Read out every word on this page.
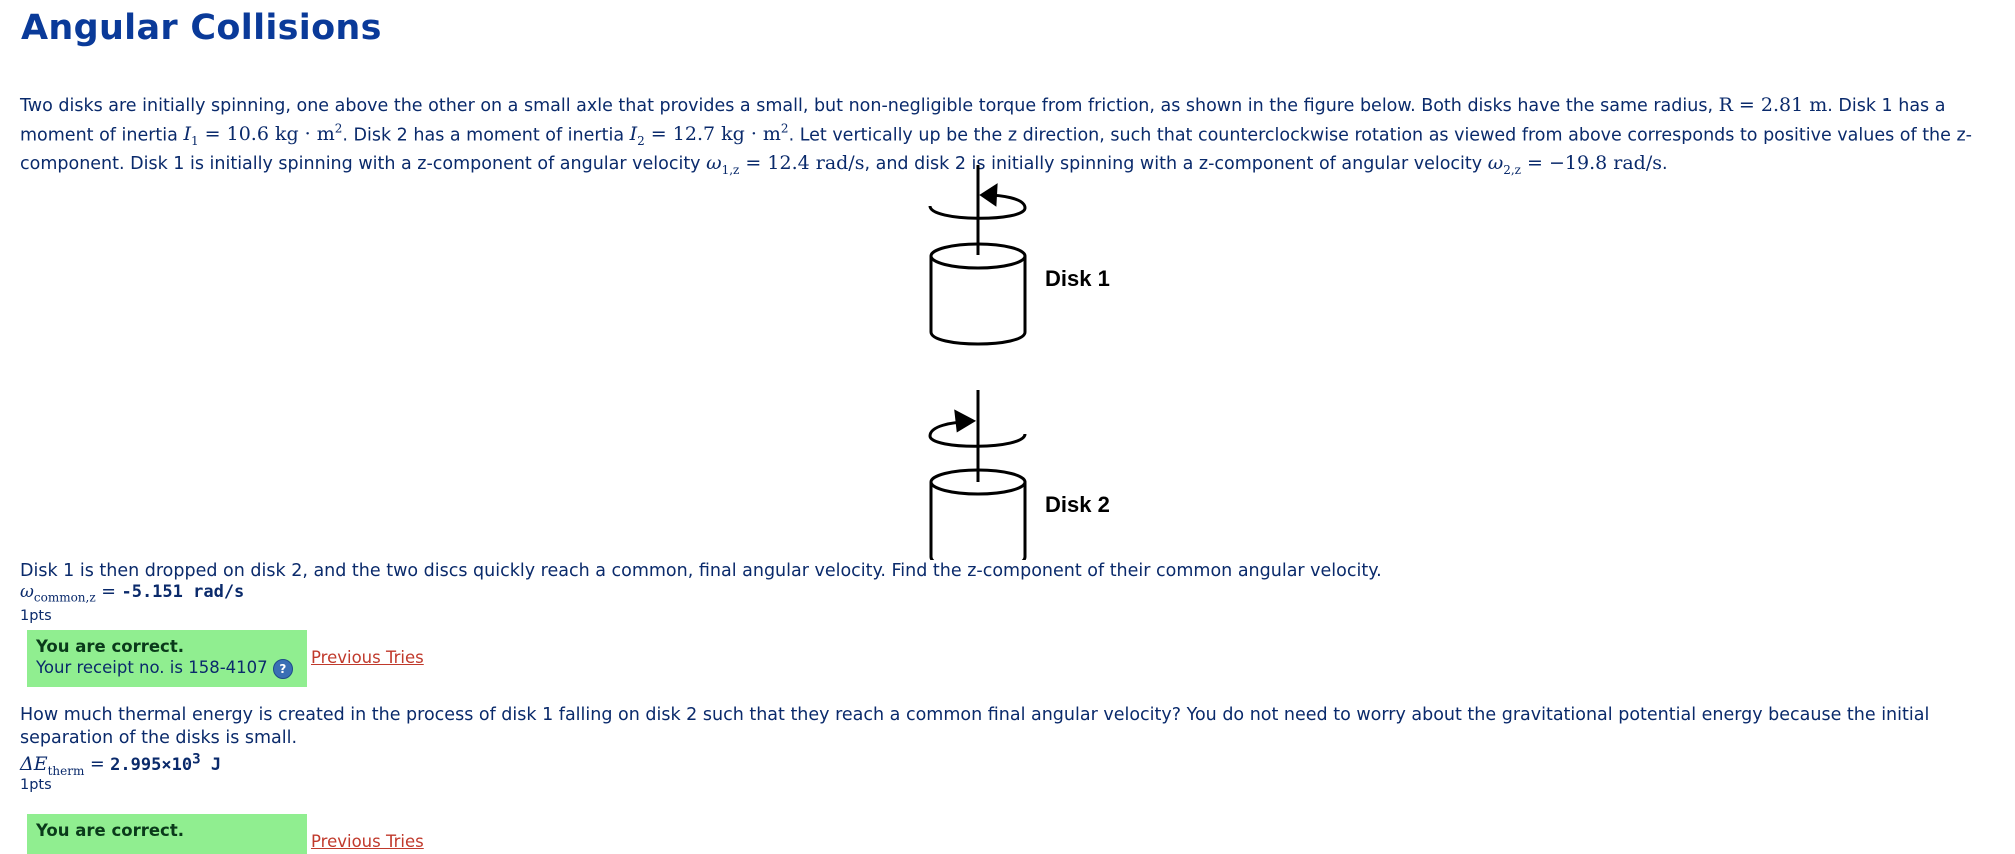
Angular Collisions
Two disks are initially spinning, one above the other on a small axle that provides a small, but non-negligible torque from friction, as shown in the figure below. Both disks have the same radius, R = 2.81 m. Disk 1 has a moment of inertia $I_1 = 10.6$ kg · $m^2$. Disk 2 has a moment of inertia $I_2 = 12.7$ kg · $m^2$. Let vertically up be the z direction, such that counterclockwise rotation as viewed from above corresponds to positive values of the z-component. Disk 1 is initially spinning with a z-component of angular velocity $\omega_{1,z} = 12.4$ rad/s, and disk 2 is initially spinning with a z-component of angular velocity $\omega_{2,z} = -19.8$ rad/s.
Disk 1
Disk 2
Disk 1 is then dropped on disk 2, and the two discs quickly reach a common, final angular velocity. Find the z-component of their common angular velocity.
$\omega_{common,z} = -5.151$ rad/s
1pts
You are correct.
Your receipt no. is 158-4107 ?
Previous Tries
How much thermal energy is created in the process of disk 1 falling on disk 2 such that they reach a common final angular velocity? You do not need to worry about the gravitational potential energy because the initial separation of the disks is small.
$\Delta E_{therm} = 2.995\times 10^3$ J
1pts
You are correct.
Previous Tries
